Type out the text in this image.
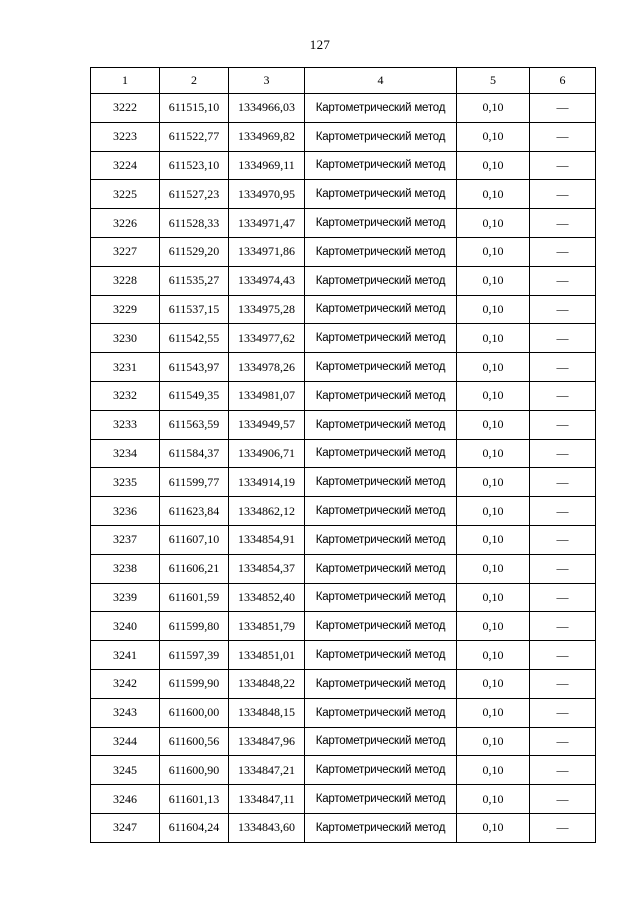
127
1	2	3	4	5	6
3222	611515,10	1334966,03	Картометрический метод	0,10	—
3223	611522,77	1334969,82	Картометрический метод	0,10	—
3224	611523,10	1334969,11	Картометрический метод	0,10	—
3225	611527,23	1334970,95	Картометрический метод	0,10	—
3226	611528,33	1334971,47	Картометрический метод	0,10	—
3227	611529,20	1334971,86	Картометрический метод	0,10	—
3228	611535,27	1334974,43	Картометрический метод	0,10	—
3229	611537,15	1334975,28	Картометрический метод	0,10	—
3230	611542,55	1334977,62	Картометрический метод	0,10	—
3231	611543,97	1334978,26	Картометрический метод	0,10	—
3232	611549,35	1334981,07	Картометрический метод	0,10	—
3233	611563,59	1334949,57	Картометрический метод	0,10	—
3234	611584,37	1334906,71	Картометрический метод	0,10	—
3235	611599,77	1334914,19	Картометрический метод	0,10	—
3236	611623,84	1334862,12	Картометрический метод	0,10	—
3237	611607,10	1334854,91	Картометрический метод	0,10	—
3238	611606,21	1334854,37	Картометрический метод	0,10	—
3239	611601,59	1334852,40	Картометрический метод	0,10	—
3240	611599,80	1334851,79	Картометрический метод	0,10	—
3241	611597,39	1334851,01	Картометрический метод	0,10	—
3242	611599,90	1334848,22	Картометрический метод	0,10	—
3243	611600,00	1334848,15	Картометрический метод	0,10	—
3244	611600,56	1334847,96	Картометрический метод	0,10	—
3245	611600,90	1334847,21	Картометрический метод	0,10	—
3246	611601,13	1334847,11	Картометрический метод	0,10	—
3247	611604,24	1334843,60	Картометрический метод	0,10	—
